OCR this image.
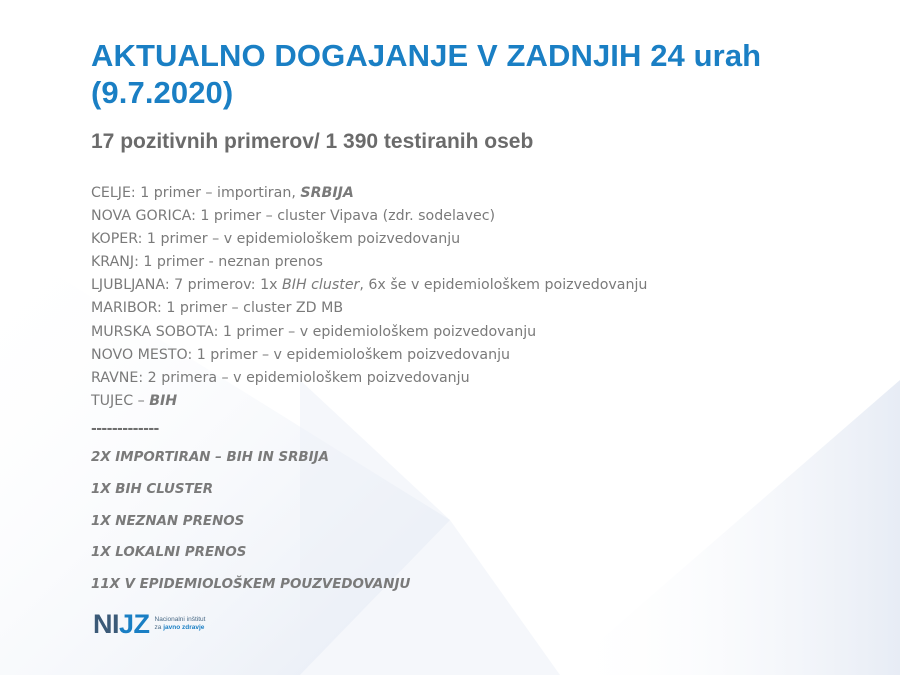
AKTUALNO DOGAJANJE V ZADNJIH 24 urah
(9.7.2020)

17 pozitivnih primerov/ 1 390 testiranih oseb

CELJE: 1 primer – importiran, SRBIJA
NOVA GORICA: 1 primer – cluster Vipava (zdr. sodelavec)
KOPER: 1 primer – v epidemiološkem poizvedovanju
KRANJ: 1 primer - neznan prenos
LJUBLJANA: 7 primerov: 1x BIH cluster, 6x še v epidemiološkem poizvedovanju
MARIBOR: 1 primer – cluster ZD MB
MURSKA SOBOTA: 1 primer – v epidemiološkem poizvedovanju
NOVO MESTO: 1 primer – v epidemiološkem poizvedovanju
RAVNE: 2 primera – v epidemiološkem poizvedovanju
TUJEC – BIH

-------------

2X IMPORTIRAN – BIH IN SRBIJA
1X BIH CLUSTER
1X NEZNAN PRENOS
1X LOKALNI PRENOS
11X V EPIDEMIOLOŠKEM POUZVEDOVANJU
NIJZ Nacionalni inštitut
za javno zdravje
